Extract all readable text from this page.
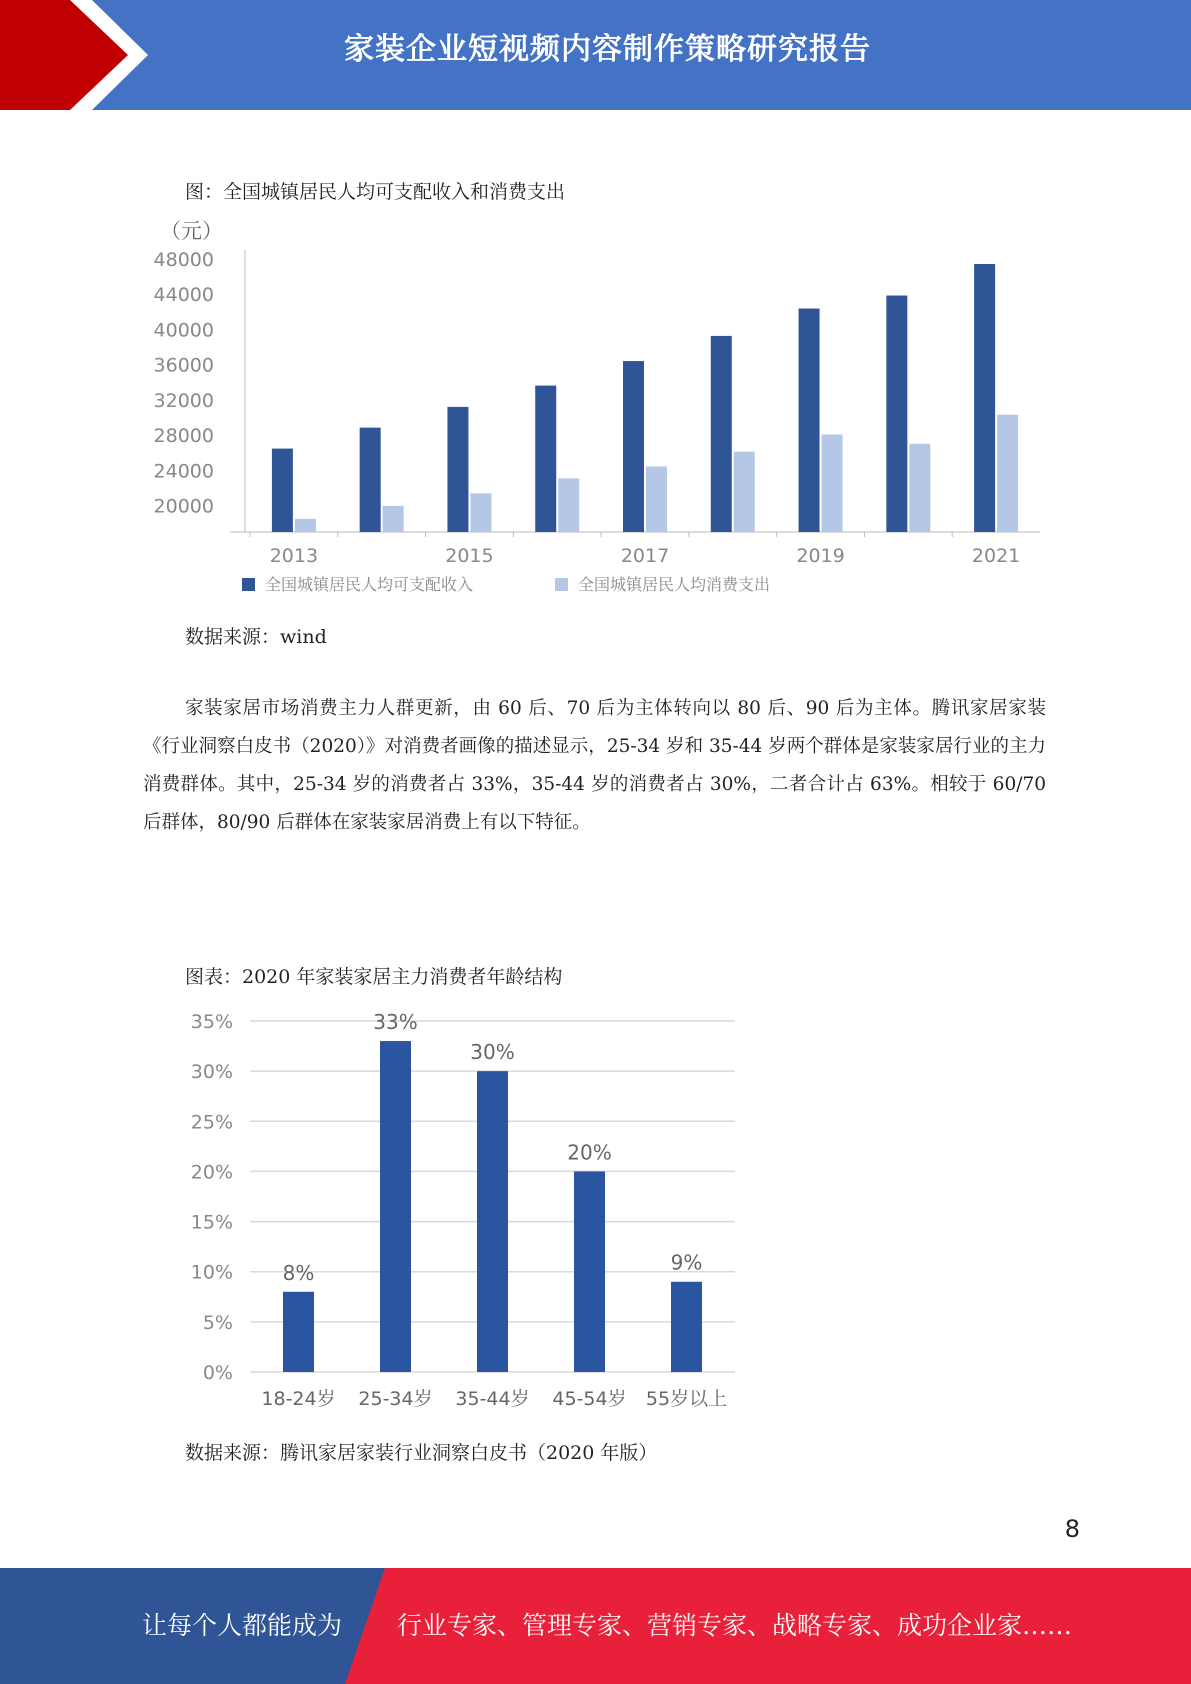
家装企业短视频内容制作策略研究报告
图：全国城镇居民人均可支配收入和消费支出
（元）
20000
24000
28000
32000
36000
40000
44000
48000
2013	2015	2017	2019	2021
全国城镇居民人均可支配收入	全国城镇居民人均消费支出
数据来源：wind
家装家居市场消费主力人群更新，由 60 后、70 后为主体转向以 80 后、90 后为主体。腾讯家居家装《行业洞察白皮书（2020）》对消费者画像的描述显示，25-34 岁和 35-44 岁两个群体是家装家居行业的主力消费群体。其中，25-34 岁的消费者占 33%，35-44 岁的消费者占 30%，二者合计占 63%。相较于 60/70 后群体，80/90 后群体在家装家居消费上有以下特征。
图表：2020 年家装家居主力消费者年龄结构
0%
5%
10%
15%
20%
25%
30%
35%
8%
18-24岁
33%
25-34岁
30%
35-44岁
20%
45-54岁
9%
55岁以上
数据来源：腾讯家居家装行业洞察白皮书（2020 年版）
8
让每个人都能成为 行业专家、管理专家、营销专家、战略专家、成功企业家……
